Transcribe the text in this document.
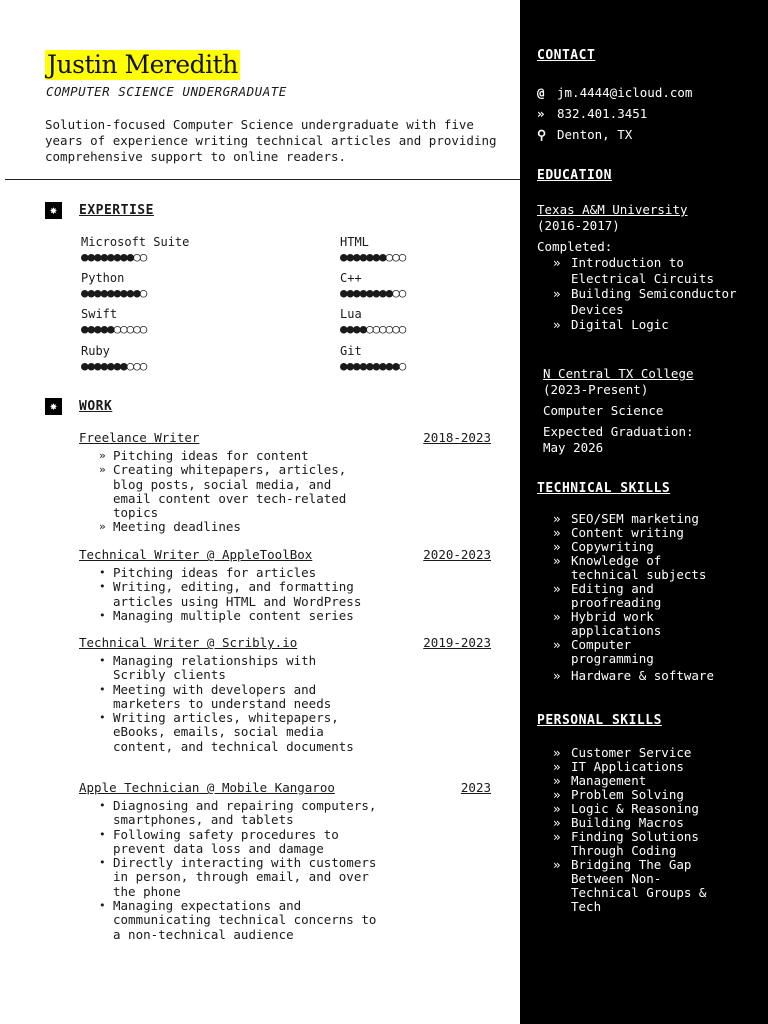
Justin Meredith
COMPUTER SCIENCE UNDERGRADUATE
Solution-focused Computer Science undergraduate with five years of experience writing technical articles and providing comprehensive support to online readers.
✸	EXPERTISE
Microsoft Suite
●●●●●●●●○○
HTML
●●●●●●●○○○
Python
●●●●●●●●●○
C++
●●●●●●●●○○
Swift
●●●●●○○○○○
Lua
●●●●○○○○○○
Ruby
●●●●●●●○○○
Git
●●●●●●●●●○
✸	WORK
Freelance Writer	2018-2023
» Pitching ideas for content
» Creating whitepapers, articles, blog posts, social media, and email content over tech-related topics
» Meeting deadlines
Technical Writer @ AppleToolBox	2020-2023
• Pitching ideas for articles
• Writing, editing, and formatting articles using HTML and WordPress
• Managing multiple content series
Technical Writer @ Scribly.io	2019-2023
• Managing relationships with Scribly clients
• Meeting with developers and marketers to understand needs
• Writing articles, whitepapers, eBooks, emails, social media content, and technical documents
Apple Technician @ Mobile Kangaroo	2023
• Diagnosing and repairing computers, smartphones, and tablets
• Following safety procedures to prevent data loss and damage
• Directly interacting with customers in person, through email, and over the phone
• Managing expectations and communicating technical concerns to a non-technical audience
CONTACT
@ jm.4444@icloud.com
» 832.401.3451
⚲ Denton, TX
EDUCATION
Texas A&M University
(2016-2017)
Completed:
» Introduction to Electrical Circuits
» Building Semiconductor Devices
» Digital Logic
N Central TX College
(2023-Present)
Computer Science
Expected Graduation: May 2026
TECHNICAL SKILLS
» SEO/SEM marketing
» Content writing
» Copywriting
» Knowledge of technical subjects
» Editing and proofreading
» Hybrid work applications
» Computer programming
» Hardware & software
PERSONAL SKILLS
» Customer Service
» IT Applications
» Management
» Problem Solving
» Logic & Reasoning
» Building Macros
» Finding Solutions Through Coding
» Bridging The Gap Between Non-Technical Groups & Tech
